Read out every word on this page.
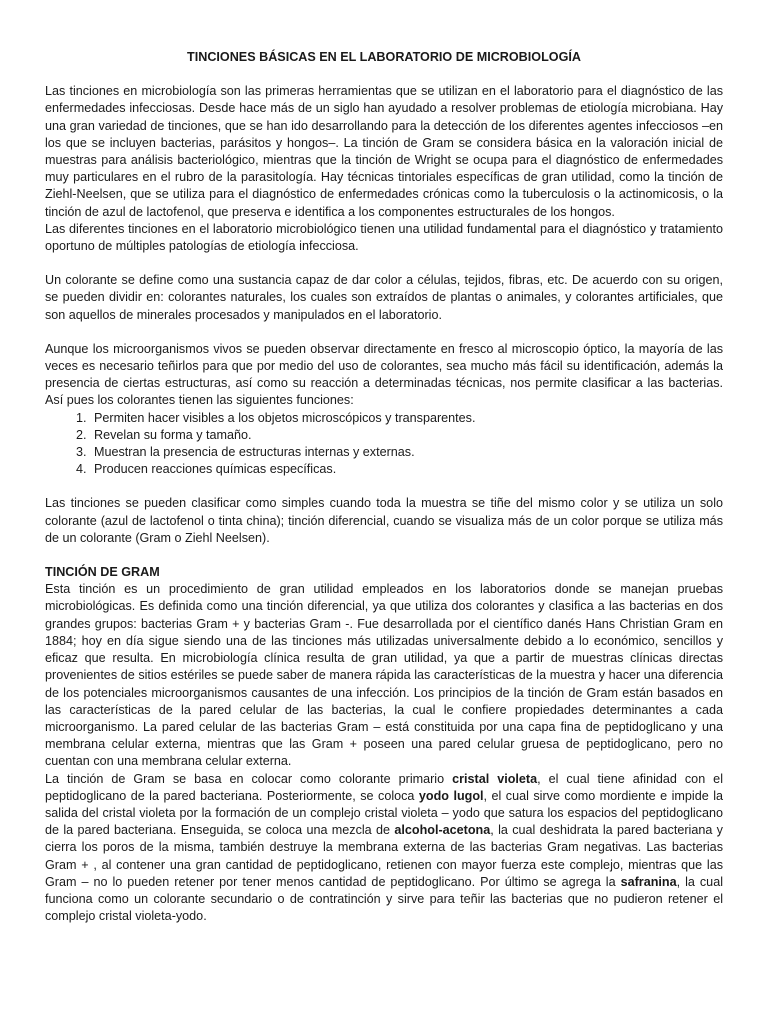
TINCIONES BÁSICAS EN EL LABORATORIO DE MICROBIOLOGÍA

Las tinciones en microbiología son las primeras herramientas que se utilizan en el laboratorio para el diagnóstico de las enfermedades infecciosas. Desde hace más de un siglo han ayudado a resolver problemas de etiología microbiana. Hay una gran variedad de tinciones, que se han ido desarrollando para la detección de los diferentes agentes infecciosos –en los que se incluyen bacterias, parásitos y hongos–. La tinción de Gram se considera básica en la valoración inicial de muestras para análisis bacteriológico, mientras que la tinción de Wright se ocupa para el diagnóstico de enfermedades muy particulares en el rubro de la parasitología. Hay técnicas tintoriales específicas de gran utilidad, como la tinción de Ziehl-Neelsen, que se utiliza para el diagnóstico de enfermedades crónicas como la tuberculosis o la actinomicosis, o la tinción de azul de lactofenol, que preserva e identifica a los componentes estructurales de los hongos.

Las diferentes tinciones en el laboratorio microbiológico tienen una utilidad fundamental para el diagnóstico y tratamiento oportuno de múltiples patologías de etiología infecciosa.

Un colorante se define como una sustancia capaz de dar color a células, tejidos, fibras, etc. De acuerdo con su origen, se pueden dividir en: colorantes naturales, los cuales son extraídos de plantas o animales, y colorantes artificiales, que son aquellos de minerales procesados y manipulados en el laboratorio.

Aunque los microorganismos vivos se pueden observar directamente en fresco al microscopio óptico, la mayoría de las veces es necesario teñirlos para que por medio del uso de colorantes, sea mucho más fácil su identificación, además la presencia de ciertas estructuras, así como su reacción a determinadas técnicas, nos permite clasificar a las bacterias. Así pues los colorantes tienen las siguientes funciones:

1. Permiten hacer visibles a los objetos microscópicos y transparentes.
2. Revelan su forma y tamaño.
3. Muestran la presencia de estructuras internas y externas.
4. Producen reacciones químicas específicas.

Las tinciones se pueden clasificar como simples cuando toda la muestra se tiñe del mismo color y se utiliza un solo colorante (azul de lactofenol o tinta china); tinción diferencial, cuando se visualiza más de un color porque se utiliza más de un colorante (Gram o Ziehl Neelsen).

TINCIÓN DE GRAM

Esta tinción es un procedimiento de gran utilidad empleados en los laboratorios donde se manejan pruebas microbiológicas. Es definida como una tinción diferencial, ya que utiliza dos colorantes y clasifica a las bacterias en dos grandes grupos: bacterias Gram + y bacterias Gram -. Fue desarrollada por el científico danés Hans Christian Gram en 1884; hoy en día sigue siendo una de las tinciones más utilizadas universalmente debido a lo económico, sencillos y eficaz que resulta. En microbiología clínica resulta de gran utilidad, ya que a partir de muestras clínicas directas provenientes de sitios estériles se puede saber de manera rápida las características de la muestra y hacer una diferencia de los potenciales microorganismos causantes de una infección. Los principios de la tinción de Gram están basados en las características de la pared celular de las bacterias, la cual le confiere propiedades determinantes a cada microorganismo. La pared celular de las bacterias Gram – está constituida por una capa fina de peptidoglicano y una membrana celular externa, mientras que las Gram + poseen una pared celular gruesa de peptidoglicano, pero no cuentan con una membrana celular externa.

La tinción de Gram se basa en colocar como colorante primario cristal violeta, el cual tiene afinidad con el peptidoglicano de la pared bacteriana. Posteriormente, se coloca yodo lugol, el cual sirve como mordiente e impide la salida del cristal violeta por la formación de un complejo cristal violeta – yodo que satura los espacios del peptidoglicano de la pared bacteriana. Enseguida, se coloca una mezcla de alcohol-acetona, la cual deshidrata la pared bacteriana y cierra los poros de la misma, también destruye la membrana externa de las bacterias Gram negativas. Las bacterias Gram + , al contener una gran cantidad de peptidoglicano, retienen con mayor fuerza este complejo, mientras que las Gram – no lo pueden retener por tener menos cantidad de peptidoglicano. Por último se agrega la safranina, la cual funciona como un colorante secundario o de contratinción y sirve para teñir las bacterias que no pudieron retener el complejo cristal violeta-yodo.
